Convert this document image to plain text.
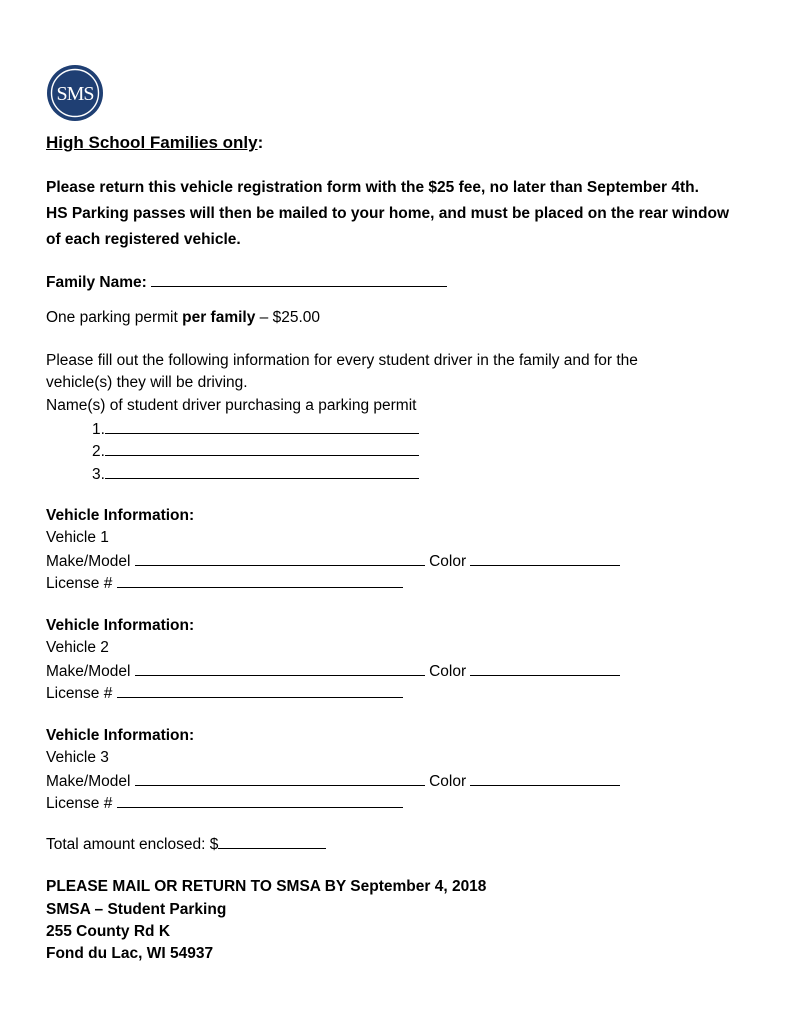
SMS
High School Families only:
Please return this vehicle registration form with the $25 fee, no later than September 4th.
HS Parking passes will then be mailed to your home, and must be placed on the rear window
of each registered vehicle.
Family Name:
One parking permit per family – $25.00
Please fill out the following information for every student driver in the family and for the
vehicle(s) they will be driving.
Name(s) of student driver purchasing a parking permit
1.
2.
3.
Vehicle Information:
Vehicle 1
Make/Model	Color
License #
Vehicle Information:
Vehicle 2
Make/Model	Color
License #
Vehicle Information:
Vehicle 3
Make/Model	Color
License #
Total amount enclosed: $
PLEASE MAIL OR RETURN TO SMSA BY September 4, 2018
SMSA – Student Parking
255 County Rd K
Fond du Lac, WI 54937
